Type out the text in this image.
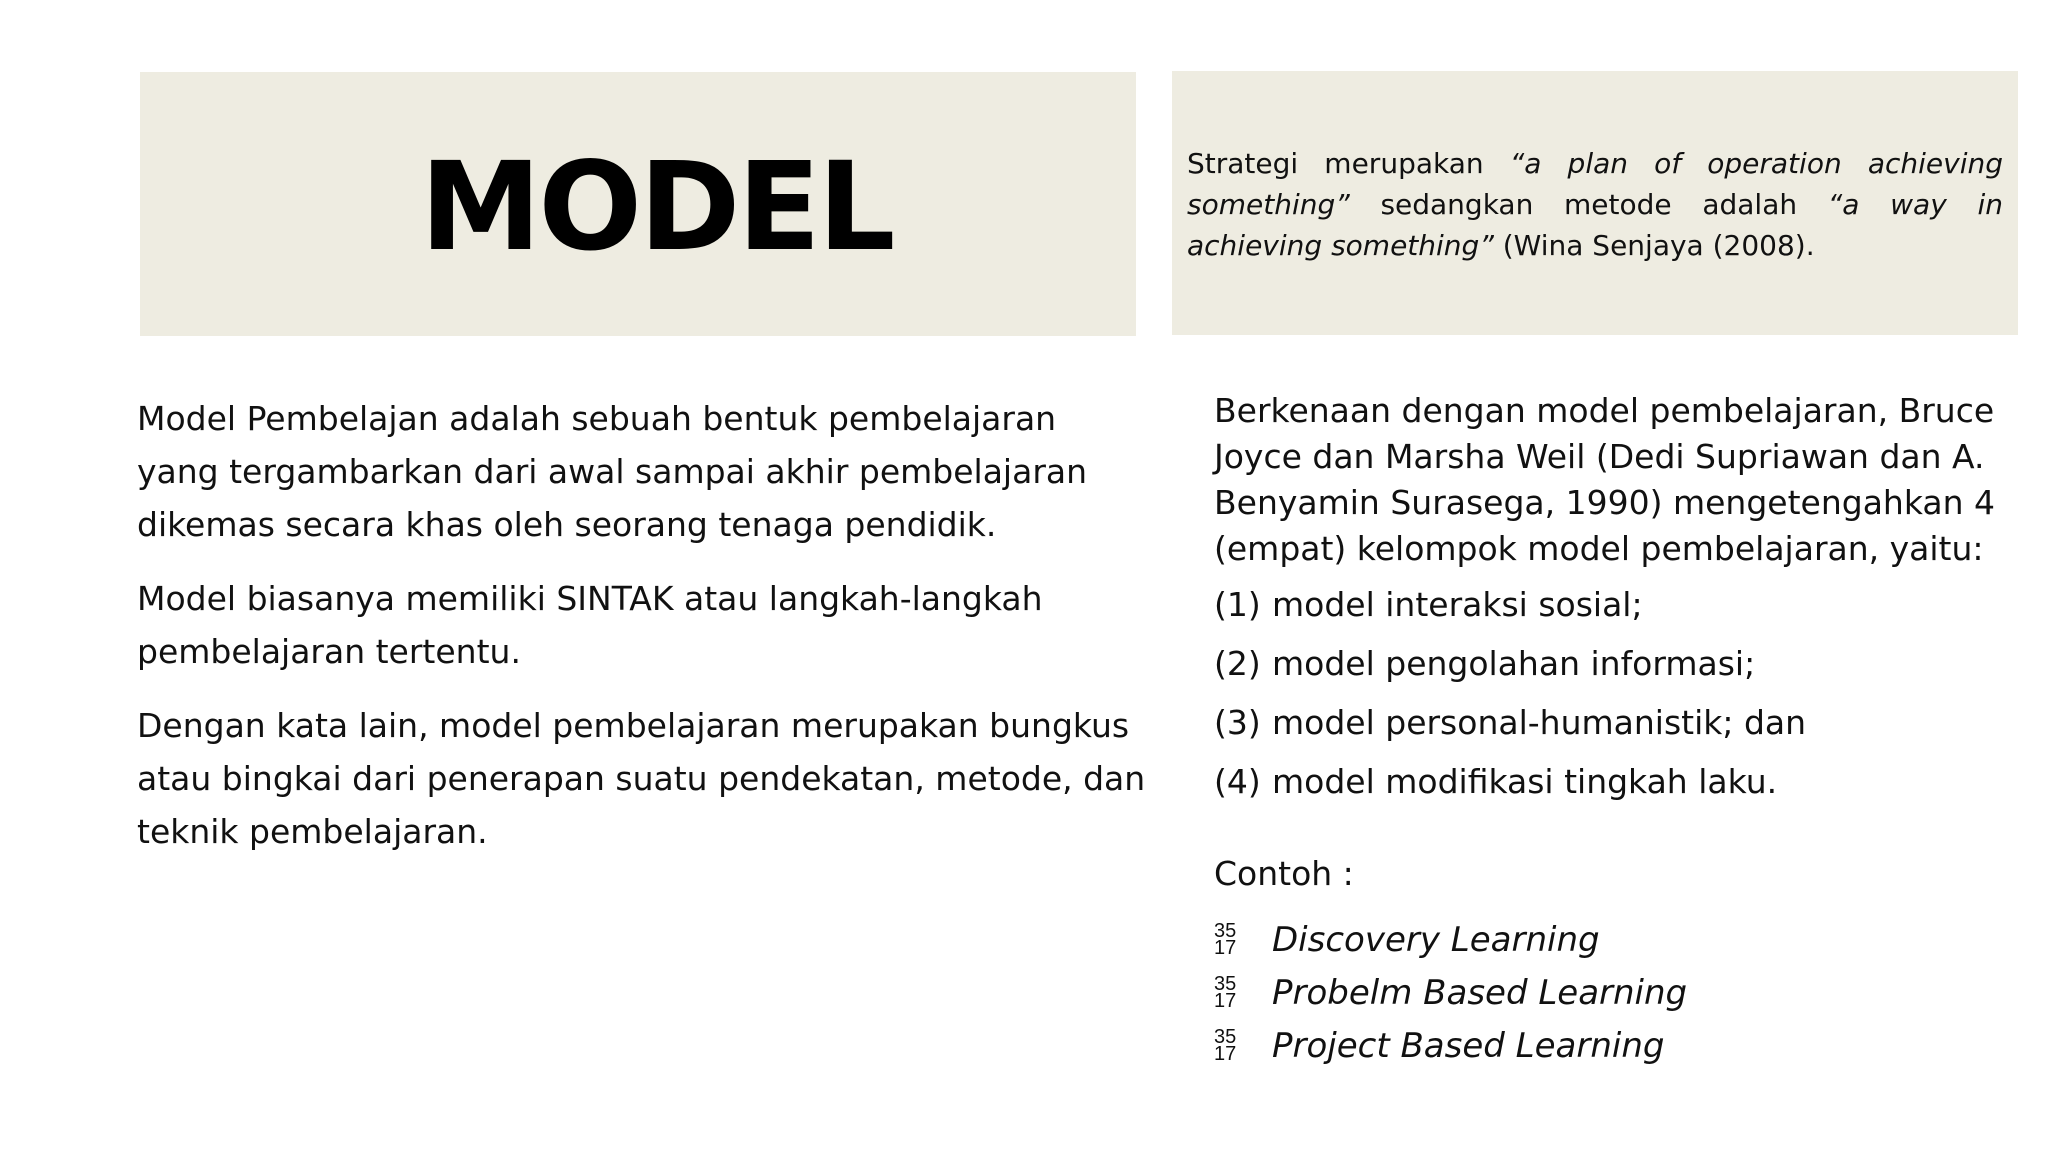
MODEL	Strategi merupakan “a plan of operation achieving something” sedangkan metode adalah “a way in achieving something” (Wina Senjaya (2008).

Model Pembelajan adalah sebuah bentuk pembelajaran yang tergambarkan dari awal sampai akhir pembelajaran dikemas secara khas oleh seorang tenaga pendidik.

Model biasanya memiliki SINTAK atau langkah-langkah pembelajaran tertentu.

Dengan kata lain, model pembelajaran merupakan bungkus atau bingkai dari penerapan suatu pendekatan, metode, dan teknik pembelajaran.

Berkenaan dengan model pembelajaran, Bruce Joyce dan Marsha Weil (Dedi Supriawan dan A. Benyamin Surasega, 1990) mengetengahkan 4 (empat) kelompok model pembelajaran, yaitu:

(1) model interaksi sosial;
(2) model pengolahan informasi;
(3) model personal-humanistik; dan
(4) model modifikasi tingkah laku.

Contoh :

35
17	Discovery Learning
35
17	Probelm Based Learning
35
17	Project Based Learning
